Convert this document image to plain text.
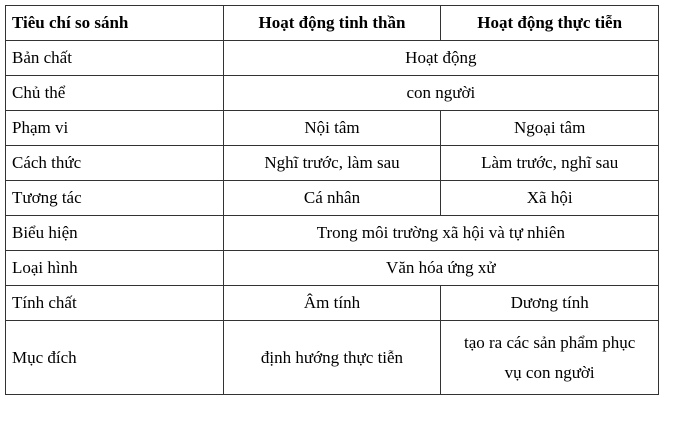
Tiêu chí so sánh	Hoạt động tinh thần	Hoạt động thực tiễn
Bản chất	Hoạt động	
Chủ thể	con người	
Phạm vi	Nội tâm	Ngoại tâm
Cách thức	Nghĩ trước, làm sau	Làm trước, nghĩ sau
Tương tác	Cá nhân	Xã hội
Biểu hiện	Trong môi trường xã hội và tự nhiên	
Loại hình	Văn hóa ứng xử	
Tính chất	Âm tính	Dương tính
Mục đích	định hướng thực tiễn	tạo ra các sản phẩm phục
vụ con người
